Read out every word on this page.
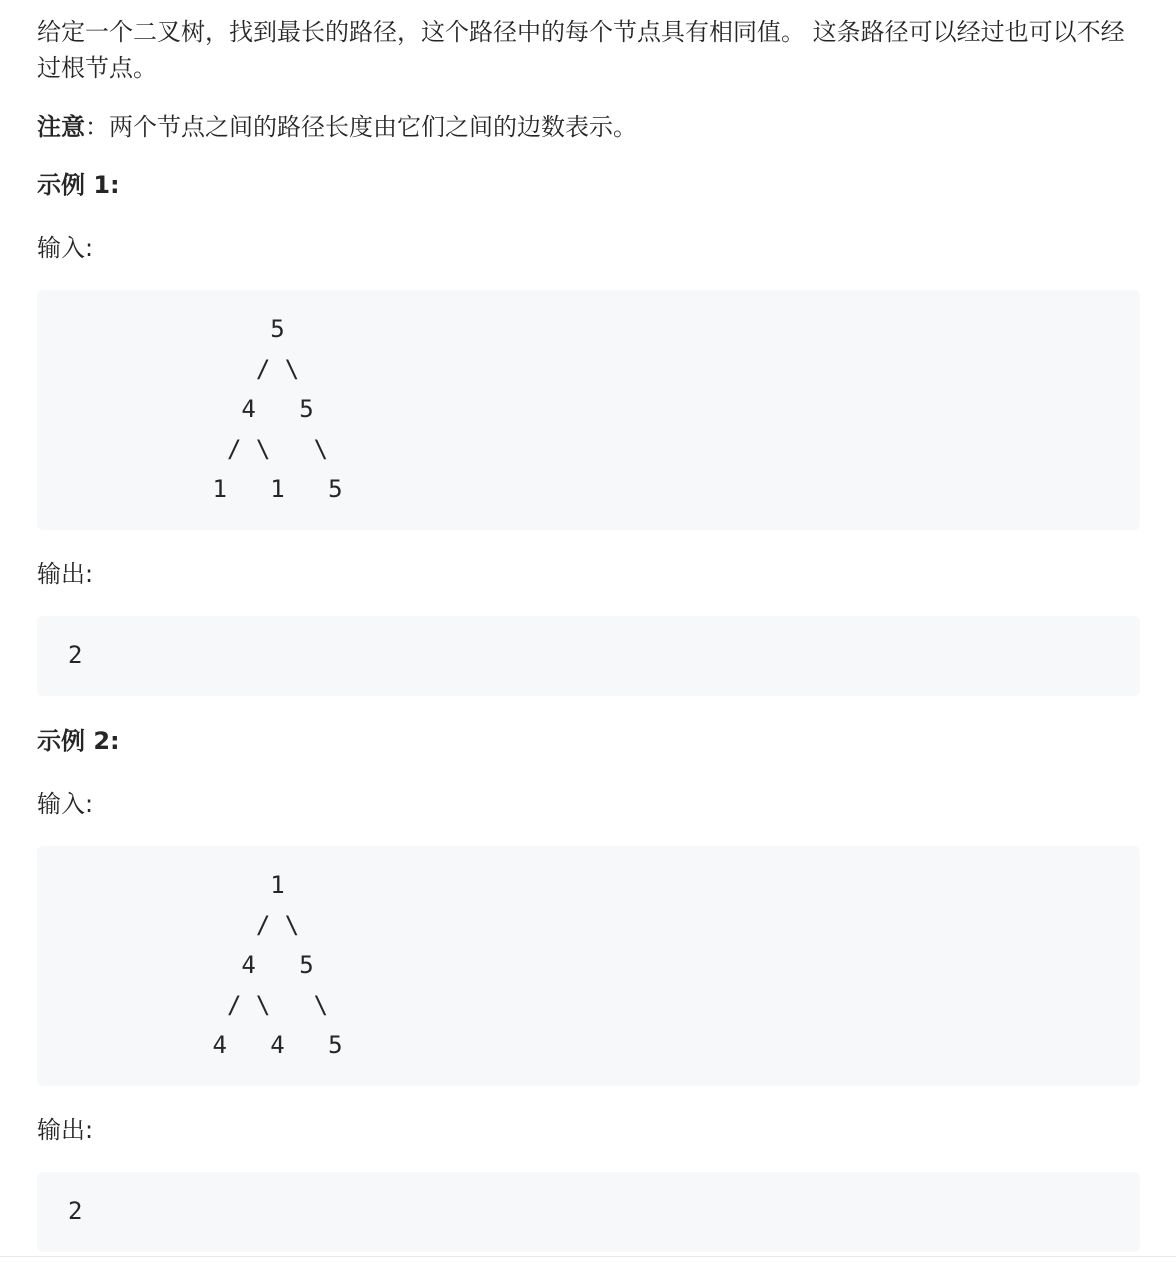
给定一个二叉树，找到最长的路径，这个路径中的每个节点具有相同值。 这条路径可以经过也可以不经过根节点。

注意：两个节点之间的路径长度由它们之间的边数表示。

示例 1:

输入:

5
/ \
4   5
/ \   \
1   1   5

输出:

2

示例 2:

输入:

1
/ \
4   5
/ \   \
4   4   5

输出:

2
